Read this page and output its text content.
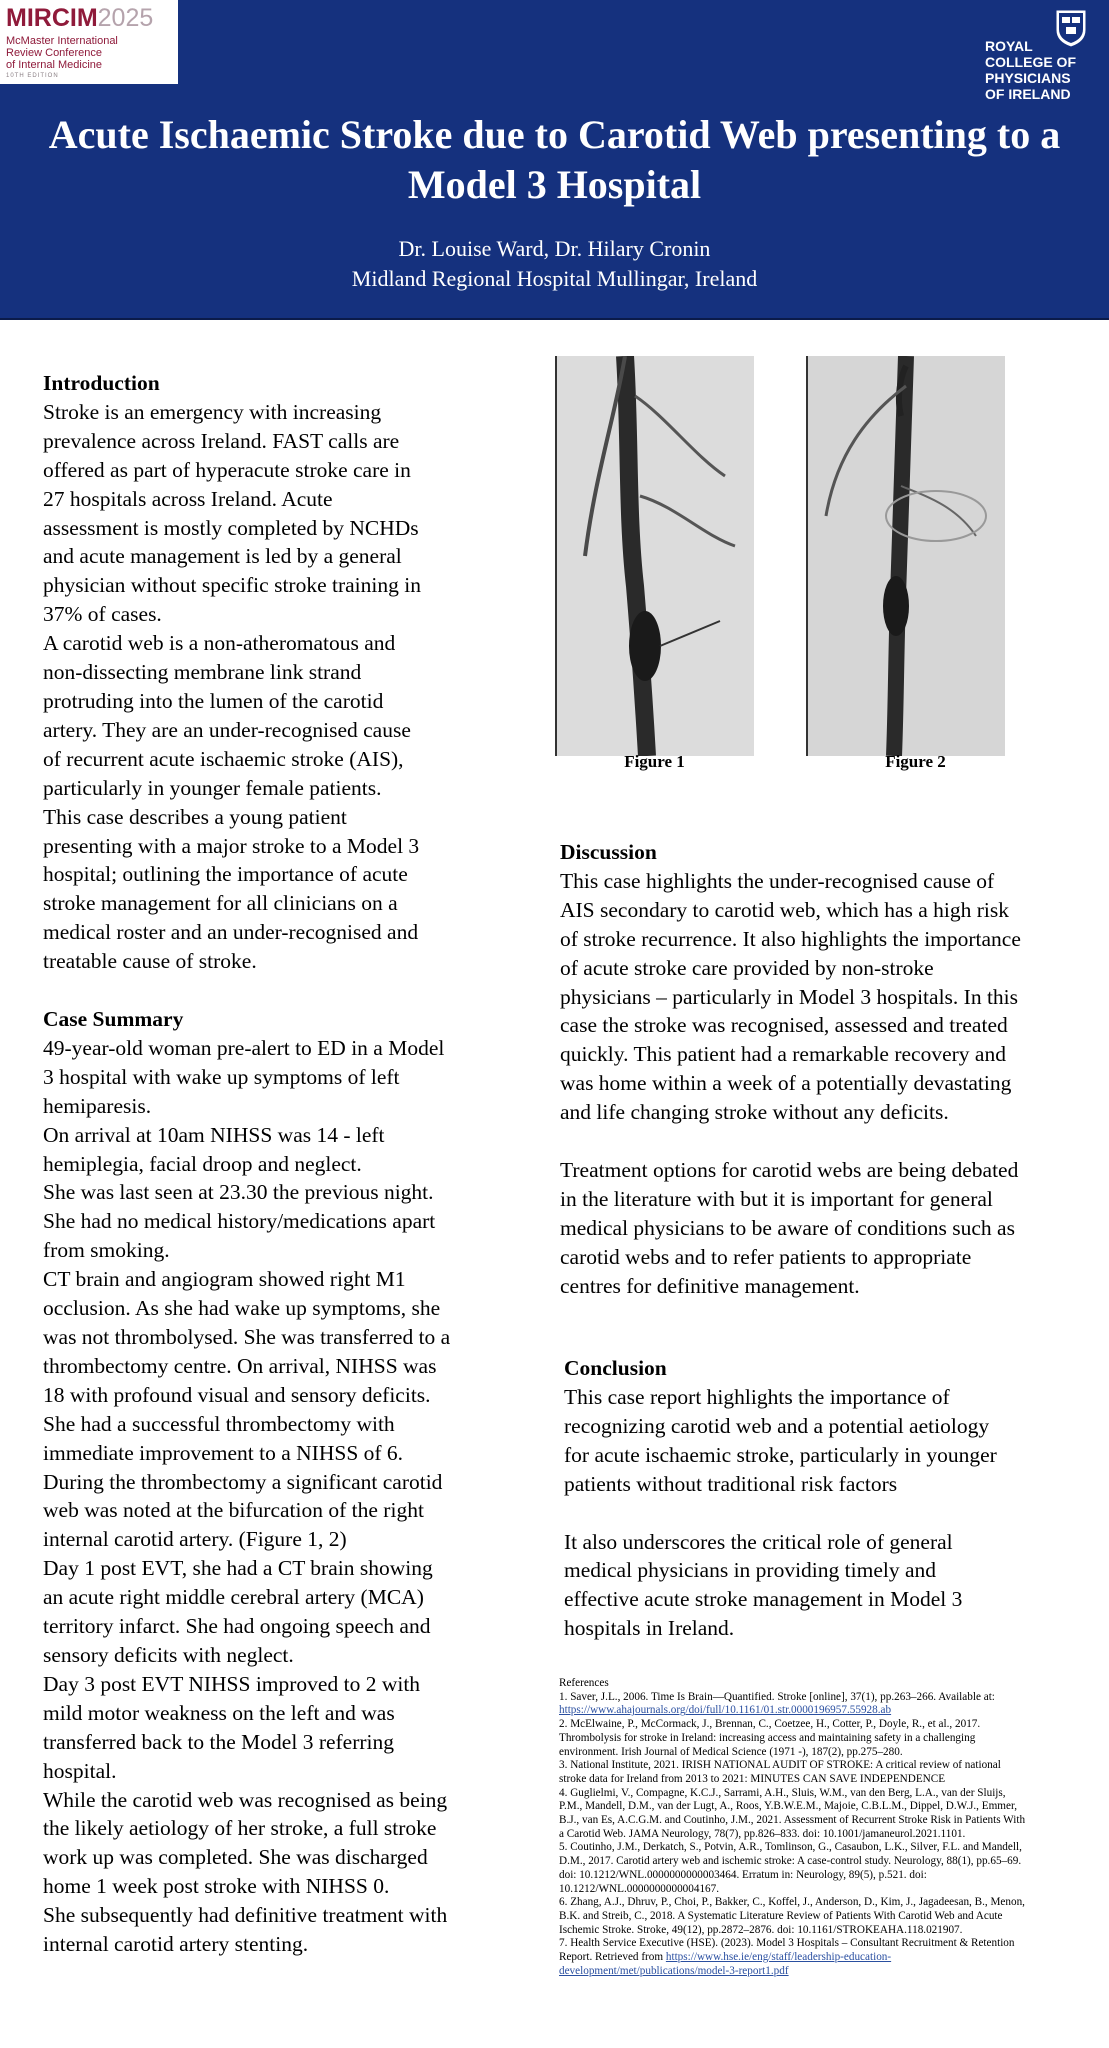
MIRCIM2025
McMaster International
Review Conference
of Internal Medicine
10TH EDITION
ROYAL
COLLEGE OF
PHYSICIANS
OF IRELAND
Acute Ischaemic Stroke due to Carotid Web presenting to a
Model 3 Hospital
Dr. Louise Ward, Dr. Hilary Cronin
Midland Regional Hospital Mullingar, Ireland
Introduction

Stroke is an emergency with increasing

prevalence across Ireland. FAST calls are

offered as part of hyperacute stroke care in

27 hospitals across Ireland. Acute

assessment is mostly completed by NCHDs

and acute management is led by a general

physician without specific stroke training in

37% of cases.

A carotid web is a non-atheromatous and

non-dissecting membrane link strand

protruding into the lumen of the carotid

artery. They are an under-recognised cause

of recurrent acute ischaemic stroke (AIS),

particularly in younger female patients.

This case describes a young patient

presenting with a major stroke to a Model 3

hospital; outlining the importance of acute

stroke management for all clinicians on a

medical roster and an under-recognised and

treatable cause of stroke.

Case Summary

49-year-old woman pre-alert to ED in a Model

3 hospital with wake up symptoms of left

hemiparesis.

On arrival at 10am NIHSS was 14 - left

hemiplegia, facial droop and neglect.

She was last seen at 23.30 the previous night.

She had no medical history/medications apart

from smoking.

CT brain and angiogram showed right M1

occlusion. As she had wake up symptoms, she

was not thrombolysed. She was transferred to a

thrombectomy centre. On arrival, NIHSS was

18 with profound visual and sensory deficits.

She had a successful thrombectomy with

immediate improvement to a NIHSS of 6.

During the thrombectomy a significant carotid

web was noted at the bifurcation of the right

internal carotid artery. (Figure 1, 2)

Day 1 post EVT, she had a CT brain showing

an acute right middle cerebral artery (MCA)

territory infarct. She had ongoing speech and

sensory deficits with neglect.

Day 3 post EVT NIHSS improved to 2 with

mild motor weakness on the left and was

transferred back to the Model 3 referring

hospital.

While the carotid web was recognised as being

the likely aetiology of her stroke, a full stroke

work up was completed. She was discharged

home 1 week post stroke with NIHSS 0.

She subsequently had definitive treatment with

internal carotid artery stenting.

Figure 1	Figure 2
Discussion

This case highlights the under-recognised cause of

AIS secondary to carotid web, which has a high risk

of stroke recurrence. It also highlights the importance

of acute stroke care provided by non-stroke

physicians – particularly in Model 3 hospitals. In this

case the stroke was recognised, assessed and treated

quickly. This patient had a remarkable recovery and

was home within a week of a potentially devastating

and life changing stroke without any deficits.

Treatment options for carotid webs are being debated

in the literature with but it is important for general

medical physicians to be aware of conditions such as

carotid webs and to refer patients to appropriate

centres for definitive management.

Conclusion

This case report highlights the importance of

recognizing carotid web and a potential aetiology

for acute ischaemic stroke, particularly in younger

patients without traditional risk factors

It also underscores the critical role of general

medical physicians in providing timely and

effective acute stroke management in Model 3

hospitals in Ireland.

References

1. Saver, J.L., 2006. Time Is Brain—Quantified. Stroke [online], 37(1), pp.263–266. Available at:

https://www.ahajournals.org/doi/full/10.1161/01.str.0000196957.55928.ab

2. McElwaine, P., McCormack, J., Brennan, C., Coetzee, H., Cotter, P., Doyle, R., et al., 2017.

Thrombolysis for stroke in Ireland: increasing access and maintaining safety in a challenging

environment. Irish Journal of Medical Science (1971 -), 187(2), pp.275–280.

3. National Institute, 2021. IRISH NATIONAL AUDIT OF STROKE: A critical review of national

stroke data for Ireland from 2013 to 2021: MINUTES CAN SAVE INDEPENDENCE

4. Guglielmi, V., Compagne, K.C.J., Sarrami, A.H., Sluis, W.M., van den Berg, L.A., van der Sluijs,

P.M., Mandell, D.M., van der Lugt, A., Roos, Y.B.W.E.M., Majoie, C.B.L.M., Dippel, D.W.J., Emmer,

B.J., van Es, A.C.G.M. and Coutinho, J.M., 2021. Assessment of Recurrent Stroke Risk in Patients With

a Carotid Web. JAMA Neurology, 78(7), pp.826–833. doi: 10.1001/jamaneurol.2021.1101.

5. Coutinho, J.M., Derkatch, S., Potvin, A.R., Tomlinson, G., Casaubon, L.K., Silver, F.L. and Mandell,

D.M., 2017. Carotid artery web and ischemic stroke: A case-control study. Neurology, 88(1), pp.65–69.

doi: 10.1212/WNL.0000000000003464. Erratum in: Neurology, 89(5), p.521. doi:

10.1212/WNL.0000000000004167.

6. Zhang, A.J., Dhruv, P., Choi, P., Bakker, C., Koffel, J., Anderson, D., Kim, J., Jagadeesan, B., Menon,

B.K. and Streib, C., 2018. A Systematic Literature Review of Patients With Carotid Web and Acute

Ischemic Stroke. Stroke, 49(12), pp.2872–2876. doi: 10.1161/STROKEAHA.118.021907.

7. Health Service Executive (HSE). (2023). Model 3 Hospitals – Consultant Recruitment & Retention

Report. Retrieved from https://www.hse.ie/eng/staff/leadership-education-

development/met/publications/model-3-report1.pdf
